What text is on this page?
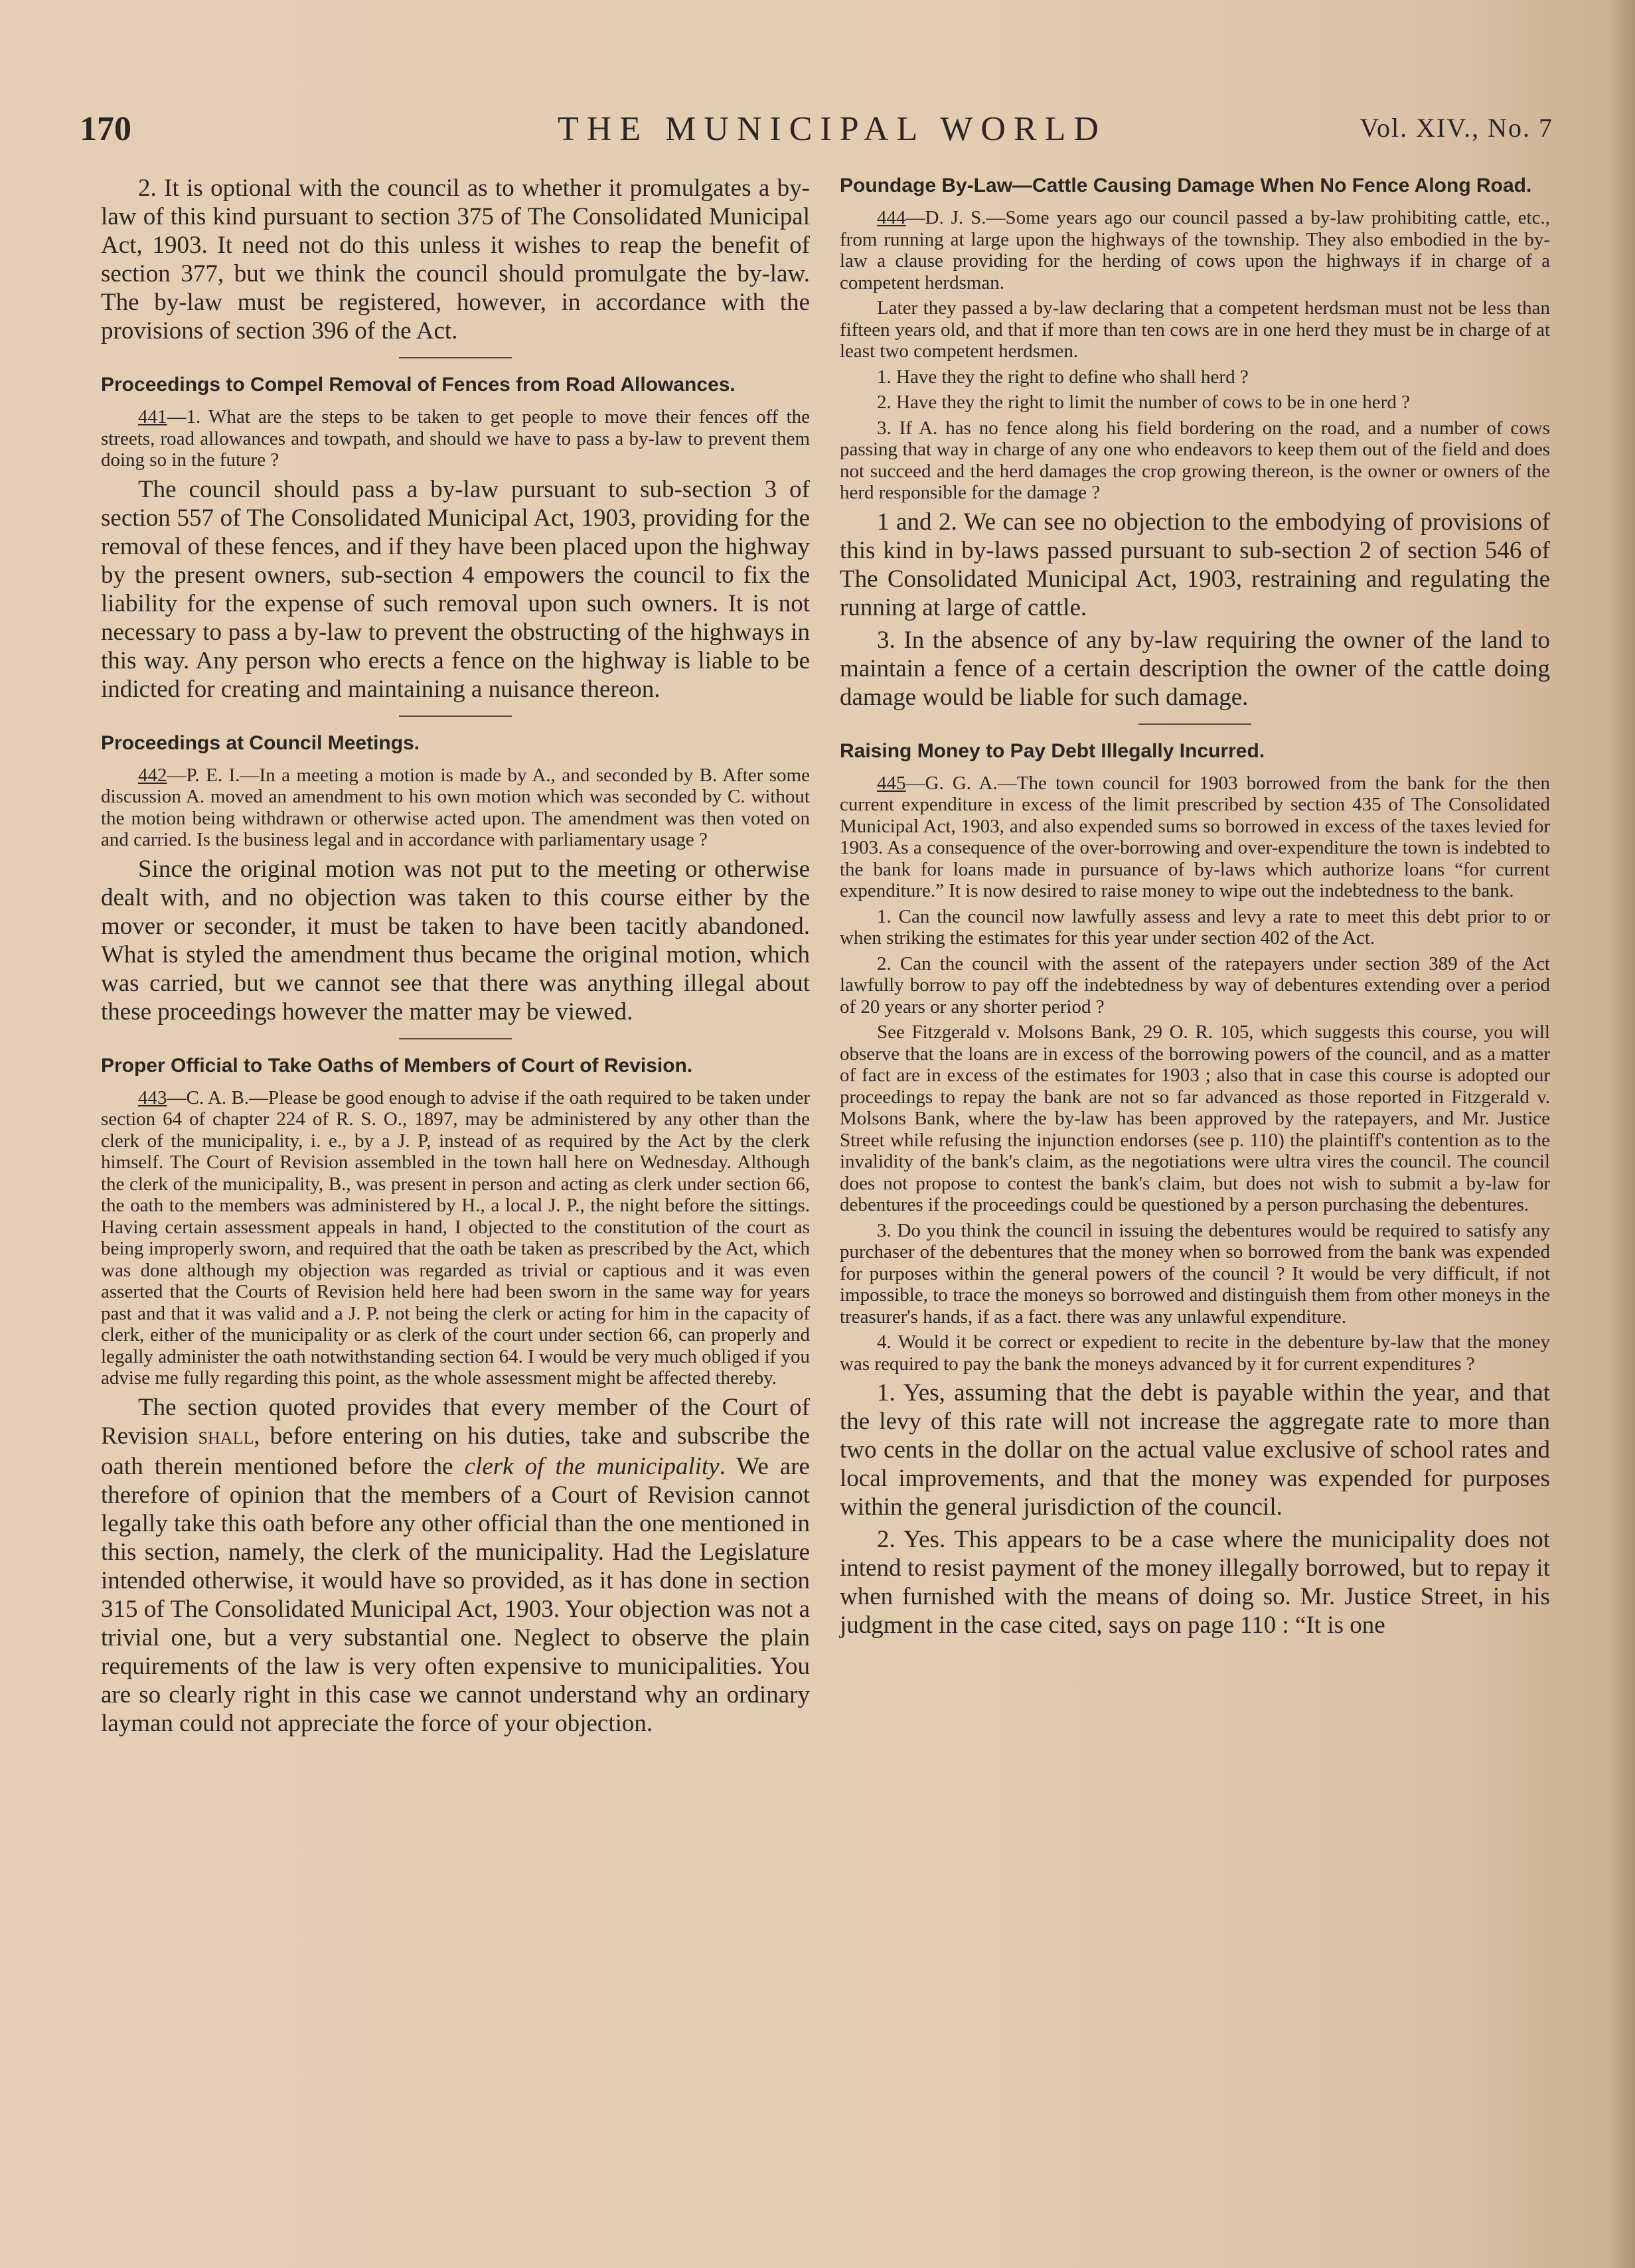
170	THE MUNICIPAL WORLD	Vol. XIV., No. 7

2. It is optional with the council as to whether it promulgates a by-law of this kind pursuant to section 375 of The Consolidated Municipal Act, 1903. It need not do this unless it wishes to reap the benefit of section 377, but we think the council should promulgate the by-law. The by-law must be registered, however, in accordance with the provisions of section 396 of the Act.

Proceedings to Compel Removal of Fences from Road Allowances.

441—1. What are the steps to be taken to get people to move their fences off the streets, road allowances and towpath, and should we have to pass a by-law to prevent them doing so in the future ?

The council should pass a by-law pursuant to sub-section 3 of section 557 of The Consolidated Municipal Act, 1903, providing for the removal of these fences, and if they have been placed upon the highway by the present owners, sub-section 4 empowers the council to fix the liability for the expense of such removal upon such owners. It is not necessary to pass a by-law to prevent the obstructing of the highways in this way. Any person who erects a fence on the highway is liable to be indicted for creating and maintaining a nuisance thereon.

Proceedings at Council Meetings.

442—P. E. I.—In a meeting a motion is made by A., and seconded by B. After some discussion A. moved an amendment to his own motion which was seconded by C. without the motion being withdrawn or otherwise acted upon. The amendment was then voted on and carried. Is the business legal and in accordance with parliamentary usage ?

Since the original motion was not put to the meeting or otherwise dealt with, and no objection was taken to this course either by the mover or seconder, it must be taken to have been tacitly abandoned. What is styled the amendment thus became the original motion, which was carried, but we cannot see that there was anything illegal about these proceedings however the matter may be viewed.

Proper Official to Take Oaths of Members of Court of Revision.

443—C. A. B.—Please be good enough to advise if the oath required to be taken under section 64 of chapter 224 of R. S. O., 1897, may be administered by any other than the clerk of the municipality, i. e., by a J. P, instead of as required by the Act by the clerk himself. The Court of Revision assembled in the town hall here on Wednesday. Although the clerk of the municipality, B., was present in person and acting as clerk under section 66, the oath to the members was administered by H., a local J. P., the night before the sittings. Having certain assessment appeals in hand, I objected to the constitution of the court as being improperly sworn, and required that the oath be taken as prescribed by the Act, which was done although my objection was regarded as trivial or captious and it was even asserted that the Courts of Revision held here had been sworn in the same way for years past and that it was valid and a J. P. not being the clerk or acting for him in the capacity of clerk, either of the municipality or as clerk of the court under section 66, can properly and legally administer the oath notwithstanding section 64. I would be very much obliged if you advise me fully regarding this point, as the whole assessment might be affected thereby.

The section quoted provides that every member of the Court of Revision SHALL, before entering on his duties, take and subscribe the oath therein mentioned before the clerk of the municipality. We are therefore of opinion that the members of a Court of Revision cannot legally take this oath before any other official than the one mentioned in this section, namely, the clerk of the municipality. Had the Legislature intended otherwise, it would have so provided, as it has done in section 315 of The Consolidated Municipal Act, 1903. Your objection was not a trivial one, but a very substantial one. Neglect to observe the plain requirements of the law is very often expensive to municipalities. You are so clearly right in this case we cannot understand why an ordinary layman could not appreciate the force of your objection.

Poundage By-Law—Cattle Causing Damage When No Fence Along Road.

444—D. J. S.—Some years ago our council passed a by-law prohibiting cattle, etc., from running at large upon the highways of the township. They also embodied in the by-law a clause providing for the herding of cows upon the highways if in charge of a competent herdsman.

Later they passed a by-law declaring that a competent herdsman must not be less than fifteen years old, and that if more than ten cows are in one herd they must be in charge of at least two competent herdsmen.

1. Have they the right to define who shall herd ?

2. Have they the right to limit the number of cows to be in one herd ?

3. If A. has no fence along his field bordering on the road, and a number of cows passing that way in charge of any one who endeavors to keep them out of the field and does not succeed and the herd damages the crop growing thereon, is the owner or owners of the herd responsible for the damage ?

1 and 2. We can see no objection to the embodying of provisions of this kind in by-laws passed pursuant to sub-section 2 of section 546 of The Consolidated Municipal Act, 1903, restraining and regulating the running at large of cattle.

3. In the absence of any by-law requiring the owner of the land to maintain a fence of a certain description the owner of the cattle doing damage would be liable for such damage.

Raising Money to Pay Debt Illegally Incurred.

445—G. G. A.—The town council for 1903 borrowed from the bank for the then current expenditure in excess of the limit prescribed by section 435 of The Consolidated Municipal Act, 1903, and also expended sums so borrowed in excess of the taxes levied for 1903. As a consequence of the over-borrowing and over-expenditure the town is indebted to the bank for loans made in pursuance of by-laws which authorize loans “for current expenditure.” It is now desired to raise money to wipe out the indebtedness to the bank.

1. Can the council now lawfully assess and levy a rate to meet this debt prior to or when striking the estimates for this year under section 402 of the Act.

2. Can the council with the assent of the ratepayers under section 389 of the Act lawfully borrow to pay off the indebtedness by way of debentures extending over a period of 20 years or any shorter period ?

See Fitzgerald v. Molsons Bank, 29 O. R. 105, which suggests this course, you will observe that the loans are in excess of the borrowing powers of the council, and as a matter of fact are in excess of the estimates for 1903 ; also that in case this course is adopted our proceedings to repay the bank are not so far advanced as those reported in Fitzgerald v. Molsons Bank, where the by-law has been approved by the ratepayers, and Mr. Justice Street while refusing the injunction endorses (see p. 110) the plaintiff's contention as to the invalidity of the bank's claim, as the negotiations were ultra vires the council. The council does not propose to contest the bank's claim, but does not wish to submit a by-law for debentures if the proceedings could be questioned by a person purchasing the debentures.

3. Do you think the council in issuing the debentures would be required to satisfy any purchaser of the debentures that the money when so borrowed from the bank was expended for purposes within the general powers of the council ? It would be very difficult, if not impossible, to trace the moneys so borrowed and distinguish them from other moneys in the treasurer's hands, if as a fact. there was any unlawful expenditure.

4. Would it be correct or expedient to recite in the debenture by-law that the money was required to pay the bank the moneys advanced by it for current expenditures ?

1. Yes, assuming that the debt is payable within the year, and that the levy of this rate will not increase the aggregate rate to more than two cents in the dollar on the actual value exclusive of school rates and local improvements, and that the money was expended for purposes within the general jurisdiction of the council.

2. Yes. This appears to be a case where the municipality does not intend to resist payment of the money illegally borrowed, but to repay it when furnished with the means of doing so. Mr. Justice Street, in his judgment in the case cited, says on page 110 : “It is one
